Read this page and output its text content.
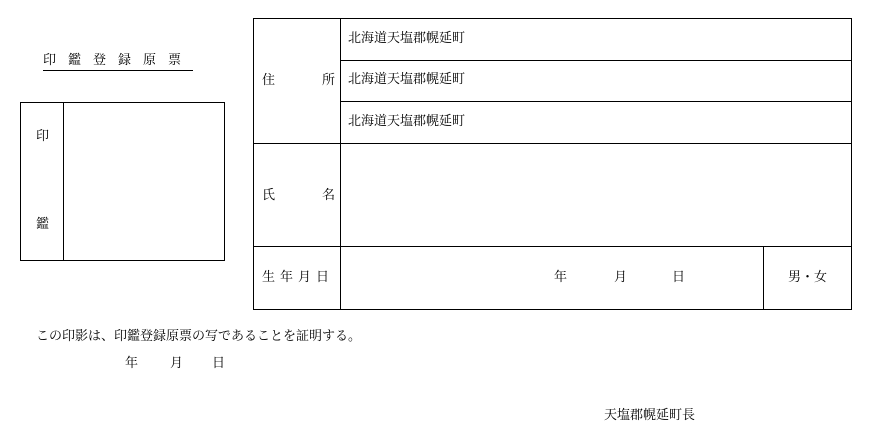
印鑑登録原票
印
鑑
住	所
北海道天塩郡幌延町
北海道天塩郡幌延町
北海道天塩郡幌延町
氏	名
生年月日	年	月	日	男・女
この印影は、印鑑登録原票の写であることを証明する。
年 月 日
天塩郡幌延町長
